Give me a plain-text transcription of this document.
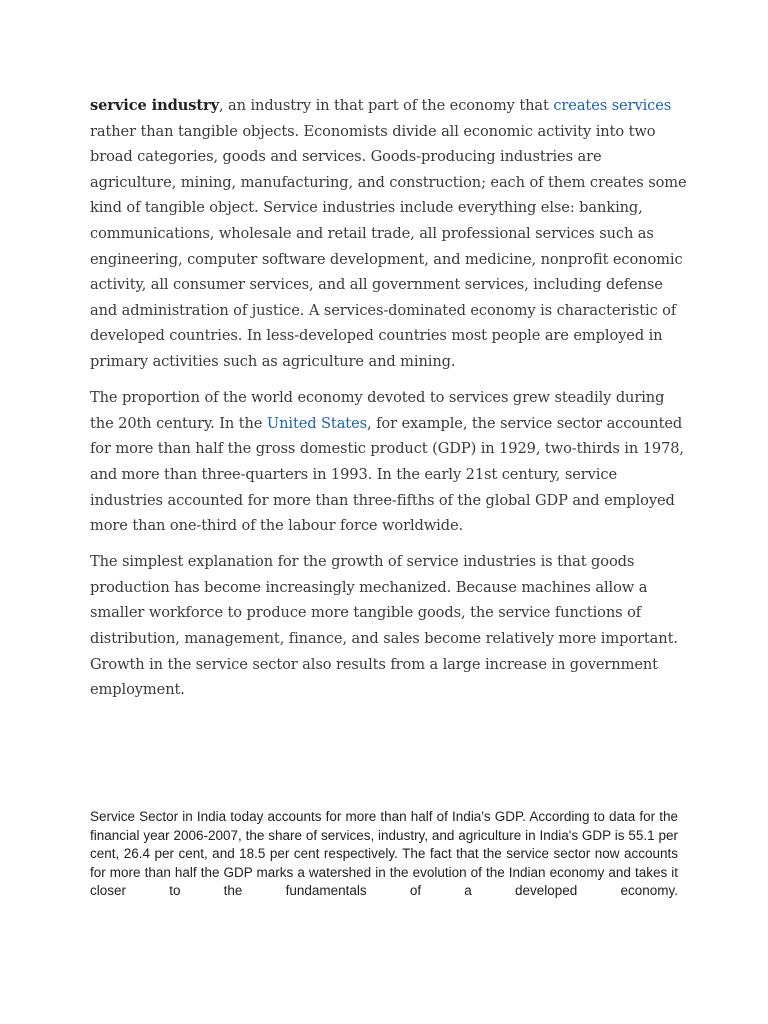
service industry, an industry in that part of the economy that creates services rather than tangible objects. Economists divide all economic activity into two broad categories, goods and services. Goods-producing industries are agriculture, mining, manufacturing, and construction; each of them creates some kind of tangible object. Service industries include everything else: banking, communications, wholesale and retail trade, all professional services such as engineering, computer software development, and medicine, nonprofit economic activity, all consumer services, and all government services, including defense and administration of justice. A services-dominated economy is characteristic of developed countries. In less-developed countries most people are employed in primary activities such as agriculture and mining.

The proportion of the world economy devoted to services grew steadily during the 20th century. In the United States, for example, the service sector accounted for more than half the gross domestic product (GDP) in 1929, two-thirds in 1978, and more than three-quarters in 1993. In the early 21st century, service industries accounted for more than three-fifths of the global GDP and employed more than one-third of the labour force worldwide.

The simplest explanation for the growth of service industries is that goods production has become increasingly mechanized. Because machines allow a smaller workforce to produce more tangible goods, the service functions of distribution, management, finance, and sales become relatively more important. Growth in the service sector also results from a large increase in government employment.

Service Sector in India today accounts for more than half of India's GDP. According to data for the financial year 2006-2007, the share of services, industry, and agriculture in India's GDP is 55.1 per cent, 26.4 per cent, and 18.5 per cent respectively. The fact that the service sector now accounts for more than half the GDP marks a watershed in the evolution of the Indian economy and takes it closer to the fundamentals of a developed economy.
